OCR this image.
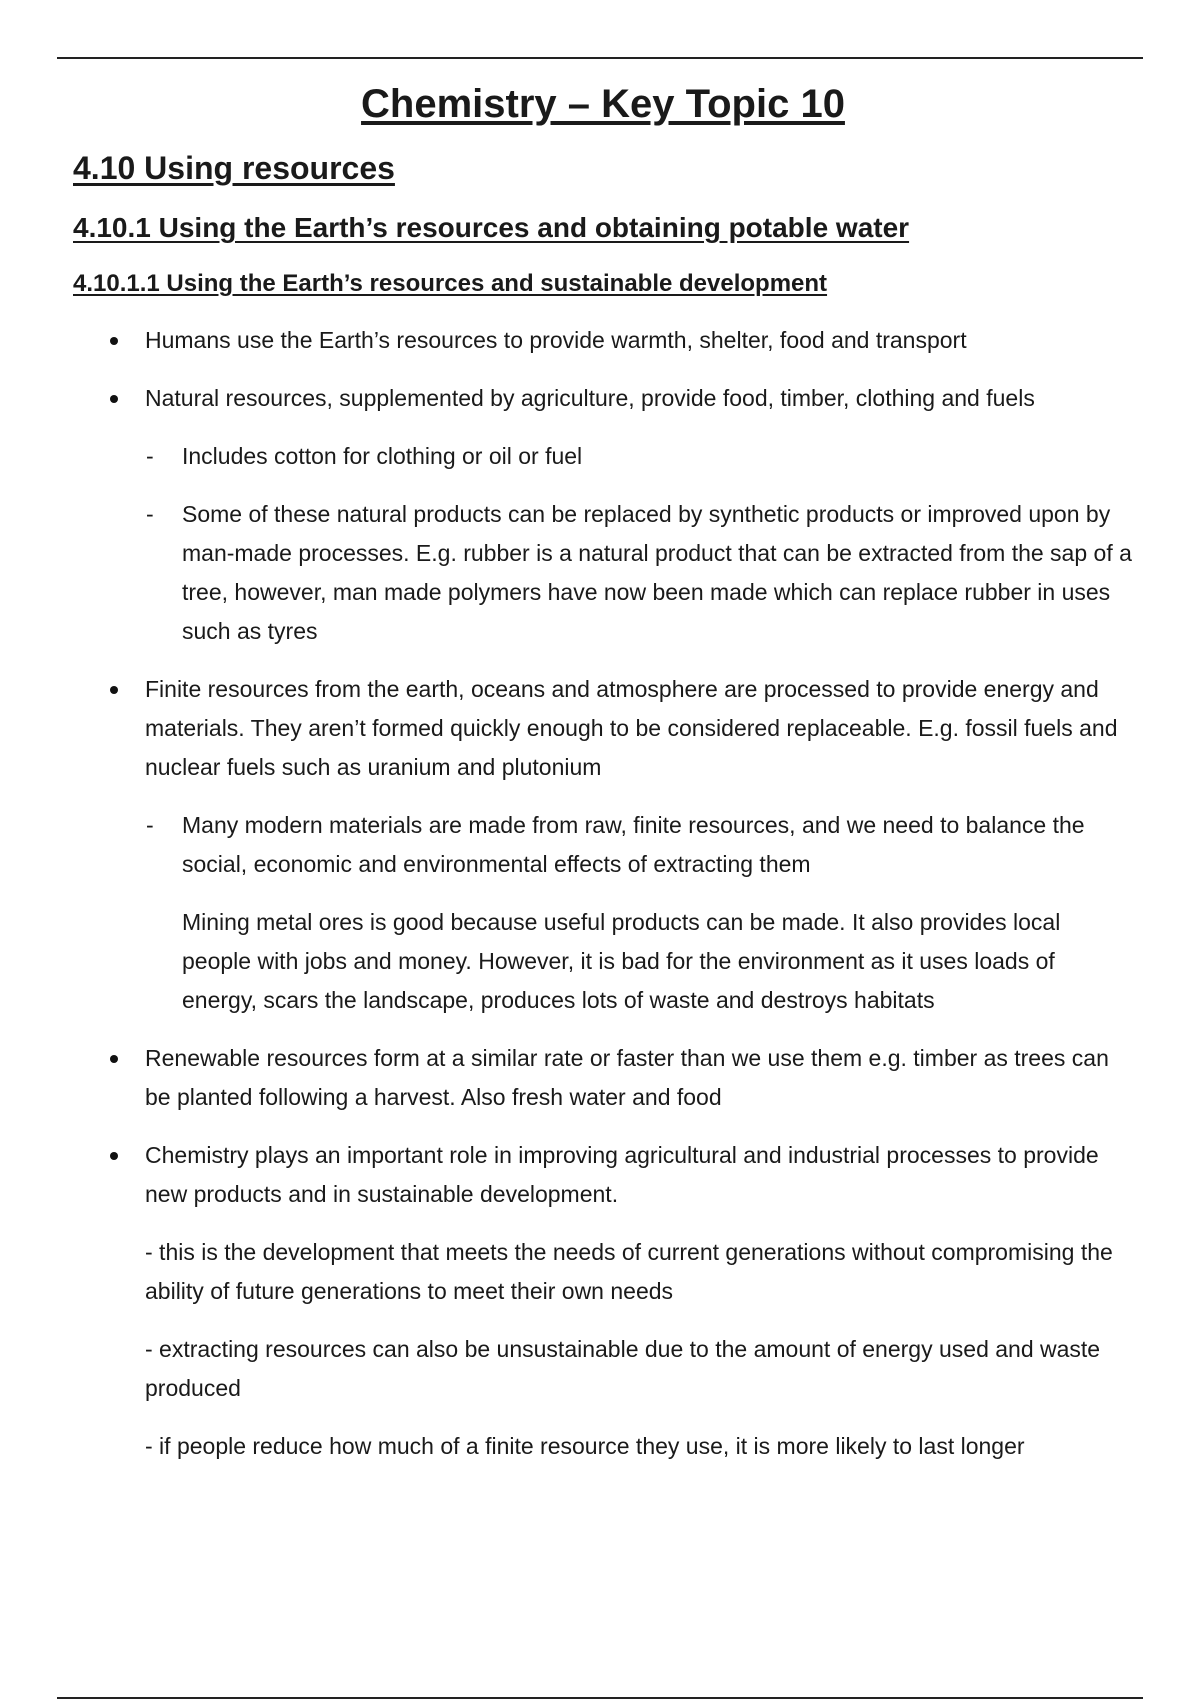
Chemistry – Key Topic 10
4.10 Using resources
4.10.1 Using the Earth’s resources and obtaining potable water
4.10.1.1 Using the Earth’s resources and sustainable development
Humans use the Earth’s resources to provide warmth, shelter, food and transport
Natural resources, supplemented by agriculture, provide food, timber, clothing and fuels
- Includes cotton for clothing or oil or fuel
- Some of these natural products can be replaced by synthetic products or improved upon by man-made processes. E.g. rubber is a natural product that can be extracted from the sap of a tree, however, man made polymers have now been made which can replace rubber in uses such as tyres
Finite resources from the earth, oceans and atmosphere are processed to provide energy and materials. They aren’t formed quickly enough to be considered replaceable. E.g. fossil fuels and nuclear fuels such as uranium and plutonium
- Many modern materials are made from raw, finite resources, and we need to balance the social, economic and environmental effects of extracting them
Mining metal ores is good because useful products can be made. It also provides local people with jobs and money. However, it is bad for the environment as it uses loads of energy, scars the landscape, produces lots of waste and destroys habitats
Renewable resources form at a similar rate or faster than we use them e.g. timber as trees can be planted following a harvest. Also fresh water and food
Chemistry plays an important role in improving agricultural and industrial processes to provide new products and in sustainable development.
- this is the development that meets the needs of current generations without compromising the ability of future generations to meet their own needs
- extracting resources can also be unsustainable due to the amount of energy used and waste produced
- if people reduce how much of a finite resource they use, it is more likely to last longer
